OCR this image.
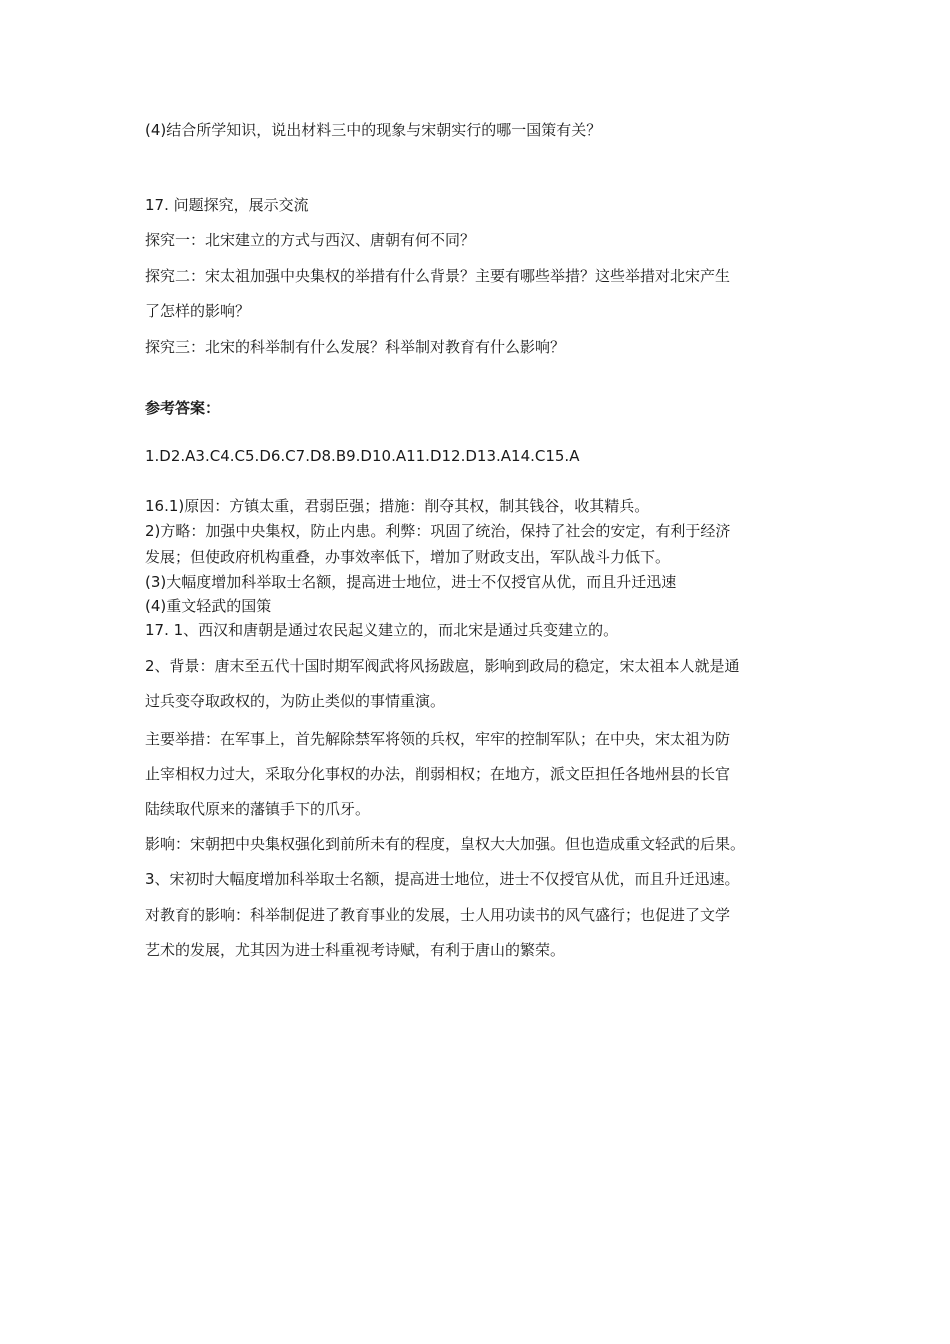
(4)结合所学知识，说出材料三中的现象与宋朝实行的哪一国策有关？
17. 问题探究，展示交流
探究一：北宋建立的方式与西汉、唐朝有何不同？
探究二：宋太祖加强中央集权的举措有什么背景？主要有哪些举措？这些举措对北宋产生
了怎样的影响？
探究三：北宋的科举制有什么发展？科举制对教育有什么影响？
参考答案：
1.D2.A3.C4.C5.D6.C7.D8.B9.D10.A11.D12.D13.A14.C15.A
16.1)原因：方镇太重，君弱臣强；措施：削夺其权，制其钱谷，收其精兵。
2)方略：加强中央集权，防止内患。利弊：巩固了统治，保持了社会的安定，有利于经济
发展；但使政府机构重叠，办事效率低下，增加了财政支出，军队战斗力低下。
(3)大幅度增加科举取士名额，提高进士地位，进士不仅授官从优，而且升迁迅速
(4)重文轻武的国策
17. 1、西汉和唐朝是通过农民起义建立的，而北宋是通过兵变建立的。
2、背景：唐末至五代十国时期军阀武将风扬跋扈，影响到政局的稳定，宋太祖本人就是通
过兵变夺取政权的，为防止类似的事情重演。
主要举措：在军事上，首先解除禁军将领的兵权，牢牢的控制军队；在中央，宋太祖为防
止宰相权力过大，采取分化事权的办法，削弱相权；在地方，派文臣担任各地州县的长官
陆续取代原来的藩镇手下的爪牙。
影响：宋朝把中央集权强化到前所未有的程度，皇权大大加强。但也造成重文轻武的后果。
3、宋初时大幅度增加科举取士名额，提高进士地位，进士不仅授官从优，而且升迁迅速。
对教育的影响：科举制促进了教育事业的发展，士人用功读书的风气盛行；也促进了文学
艺术的发展，尤其因为进士科重视考诗赋，有利于唐山的繁荣。
